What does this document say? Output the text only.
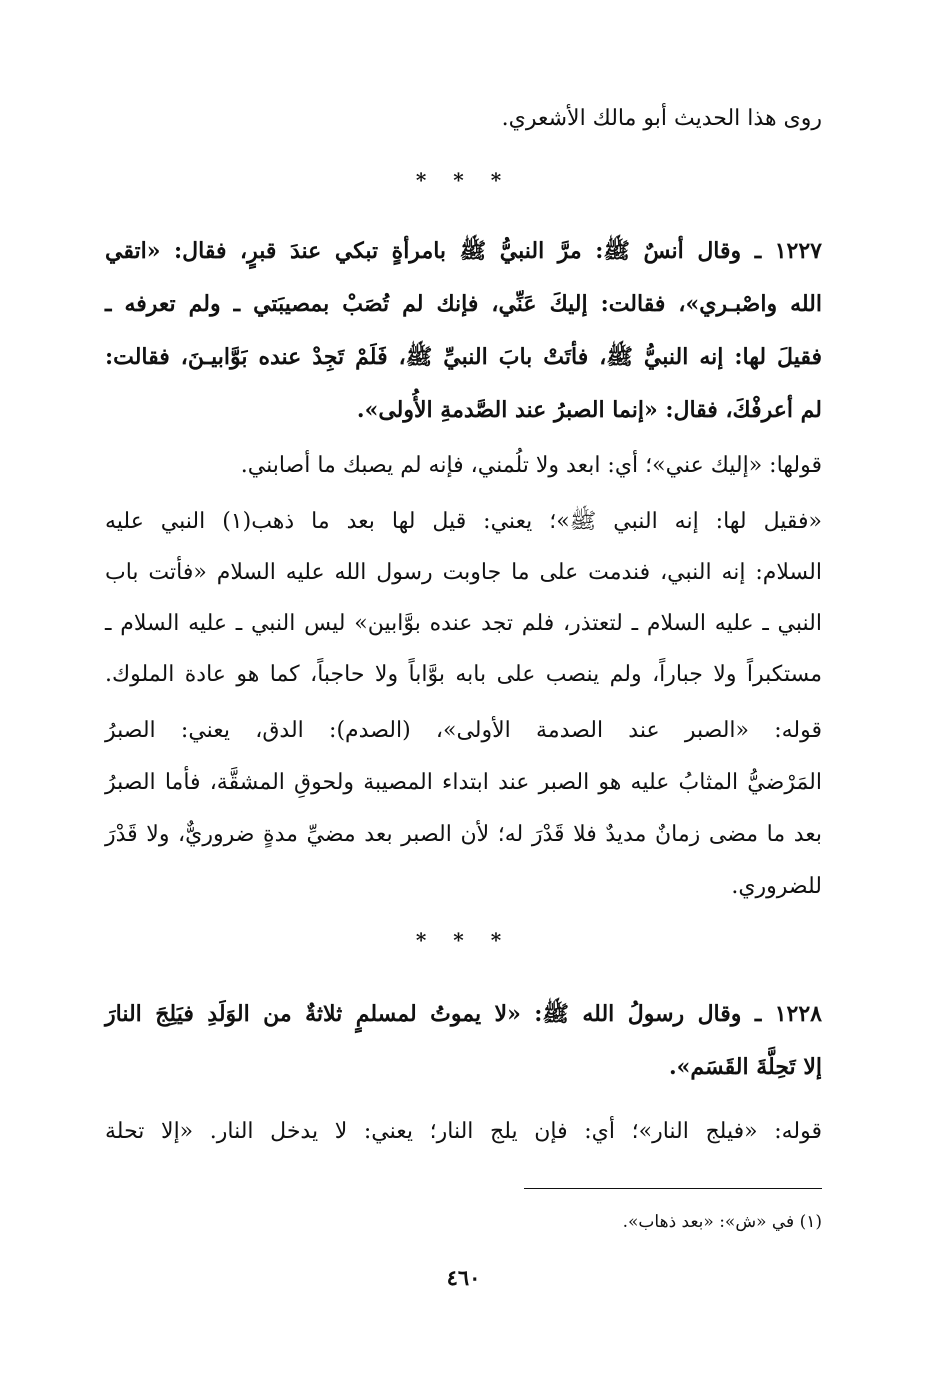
روى هذا الحديث أبو مالك الأشعري.
* * *
١٢٢٧ ـ وقال أنسٌ ﷺ: مرَّ النبيُّ ﷺ بامرأةٍ تبكي عندَ قبرٍ، فقال: «اتقي
الله واصْبـري»، فقالت: إليكَ عَنِّي، فإنك لم تُصَبْ بمصيبَتي ـ ولم تعرفه ـ
فقيلَ لها: إنه النبيُّ ﷺ، فأتَتْ بابَ النبيِّ ﷺ، فَلَمْ تَجِدْ عنده بَوَّابيـنَ، فقالت:
لم أعرفْكَ، فقال: «إنما الصبرُ عند الصَّدمةِ الأُولى».
قولها: «إليك عني»؛ أي: ابعد ولا تلُمني، فإنه لم يصبك ما أصابني.
«فقيل لها: إنه النبي ﷺ»؛ يعني: قيل لها بعد ما ذهب(١) النبي عليه
السلام: إنه النبي، فندمت على ما جاوبت رسول الله عليه السلام «فأتت باب
النبي ـ عليه السلام ـ لتعتذر، فلم تجد عنده بوَّابين» ليس النبي ـ عليه السلام ـ
مستكبراً ولا جباراً، ولم ينصب على بابه بوَّاباً ولا حاجباً، كما هو عادة الملوك.
قوله: «الصبر عند الصدمة الأولى»، (الصدم): الدق، يعني: الصبرُ
المَرْضيُّ المثابُ عليه هو الصبر عند ابتداء المصيبة ولحوقِ المشقَّة، فأما الصبرُ
بعد ما مضى زمانٌ مديدٌ فلا قَدْرَ له؛ لأن الصبر بعد مضيِّ مدةٍ ضروريٌّ، ولا قَدْرَ
للضروري.
* * *
١٢٢٨ ـ وقال رسولُ الله ﷺ: «لا يموتُ لمسلمٍ ثلاثةٌ من الوَلَدِ فيَلِجَ النارَ
إلا تَحِلَّةَ القَسَم».
قوله: «فيلج النار»؛ أي: فإن يلج النار؛ يعني: لا يدخل النار. «إلا تحلة
(١) في «ش»: «بعد ذهاب».
٤٦٠
